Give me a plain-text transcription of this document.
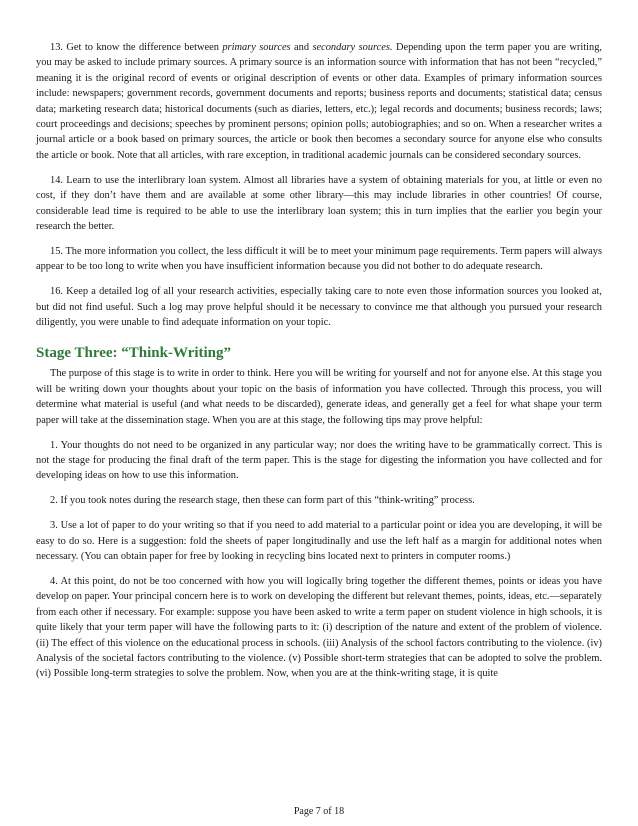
13. Get to know the difference between primary sources and secondary sources. Depending upon the term paper you are writing, you may be asked to include primary sources. A primary source is an information source with information that has not been “recycled,” meaning it is the original record of events or original description of events or other data. Examples of primary information sources include: newspapers; government records, government documents and reports; business reports and documents; statistical data; census data; marketing research data; historical documents (such as diaries, letters, etc.); legal records and documents; business records; laws; court proceedings and decisions; speeches by prominent persons; opinion polls; autobiographies; and so on. When a researcher writes a journal article or a book based on primary sources, the article or book then becomes a secondary source for anyone else who consults the article or book. Note that all articles, with rare exception, in traditional academic journals can be considered secondary sources.

14. Learn to use the interlibrary loan system. Almost all libraries have a system of obtaining materials for you, at little or even no cost, if they don’t have them and are available at some other library—this may include libraries in other countries! Of course, considerable lead time is required to be able to use the interlibrary loan system; this in turn implies that the earlier you begin your research the better.

15. The more information you collect, the less difficult it will be to meet your minimum page requirements. Term papers will always appear to be too long to write when you have insufficient information because you did not bother to do adequate research.

16. Keep a detailed log of all your research activities, especially taking care to note even those information sources you looked at, but did not find useful. Such a log may prove helpful should it be necessary to convince me that although you pursued your research diligently, you were unable to find adequate information on your topic.

Stage Three: “Think-Writing”

The purpose of this stage is to write in order to think. Here you will be writing for yourself and not for anyone else. At this stage you will be writing down your thoughts about your topic on the basis of information you have collected. Through this process, you will determine what material is useful (and what needs to be discarded), generate ideas, and generally get a feel for what shape your term paper will take at the dissemination stage. When you are at this stage, the following tips may prove helpful:

1. Your thoughts do not need to be organized in any particular way; nor does the writing have to be grammatically correct. This is not the stage for producing the final draft of the term paper. This is the stage for digesting the information you have collected and for developing ideas on how to use this information.

2. If you took notes during the research stage, then these can form part of this “think-writing” process.

3. Use a lot of paper to do your writing so that if you need to add material to a particular point or idea you are developing, it will be easy to do so. Here is a suggestion: fold the sheets of paper longitudinally and use the left half as a margin for additional notes when necessary. (You can obtain paper for free by looking in recycling bins located next to printers in computer rooms.)

4. At this point, do not be too concerned with how you will logically bring together the different themes, points or ideas you have develop on paper. Your principal concern here is to work on developing the different but relevant themes, points, ideas, etc.—separately from each other if necessary. For example: suppose you have been asked to write a term paper on student violence in high schools, it is quite likely that your term paper will have the following parts to it: (i) description of the nature and extent of the problem of violence. (ii) The effect of this violence on the educational process in schools. (iii) Analysis of the school factors contributing to the violence. (iv) Analysis of the societal factors contributing to the violence. (v) Possible short-term strategies that can be adopted to solve the problem. (vi) Possible long-term strategies to solve the problem. Now, when you are at the think-writing stage, it is quite

Page 7 of 18
